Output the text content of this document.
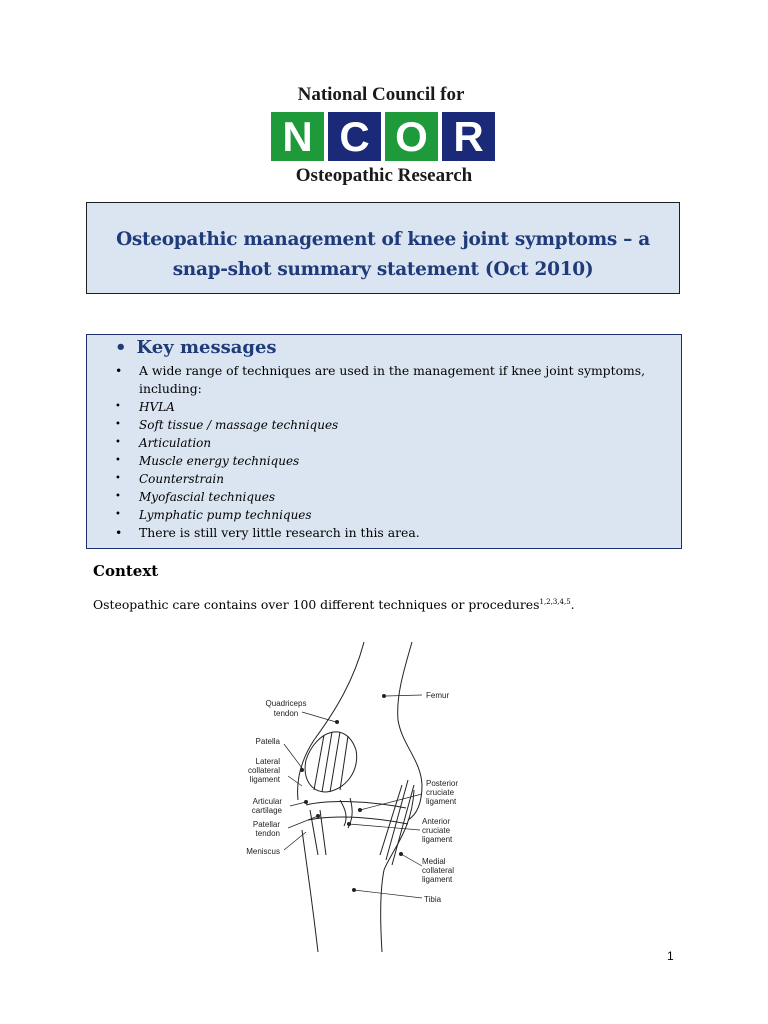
National Council for
N C O R
Osteopathic Research
Osteopathic management of knee joint symptoms – a snap-shot summary statement (Oct 2010)
• Key messages
• A wide range of techniques are used in the management if knee joint symptoms, including:
• HVLA
• Soft tissue / massage techniques
• Articulation
• Muscle energy techniques
• Counterstrain
• Myofascial techniques
• Lymphatic pump techniques
• There is still very little research in this area.
Context
Osteopathic care contains over 100 different techniques or procedures$^{1,2,3,4,5}$.
Quadriceps
tendon
Patella
Lateral
collateral
ligament
Articular
cartilage
Patellar
tendon
Meniscus
Femur
Posterior
cruciate
ligament
Anterior
cruciate
ligament
Medial
collateral
ligament
Tibia
1
